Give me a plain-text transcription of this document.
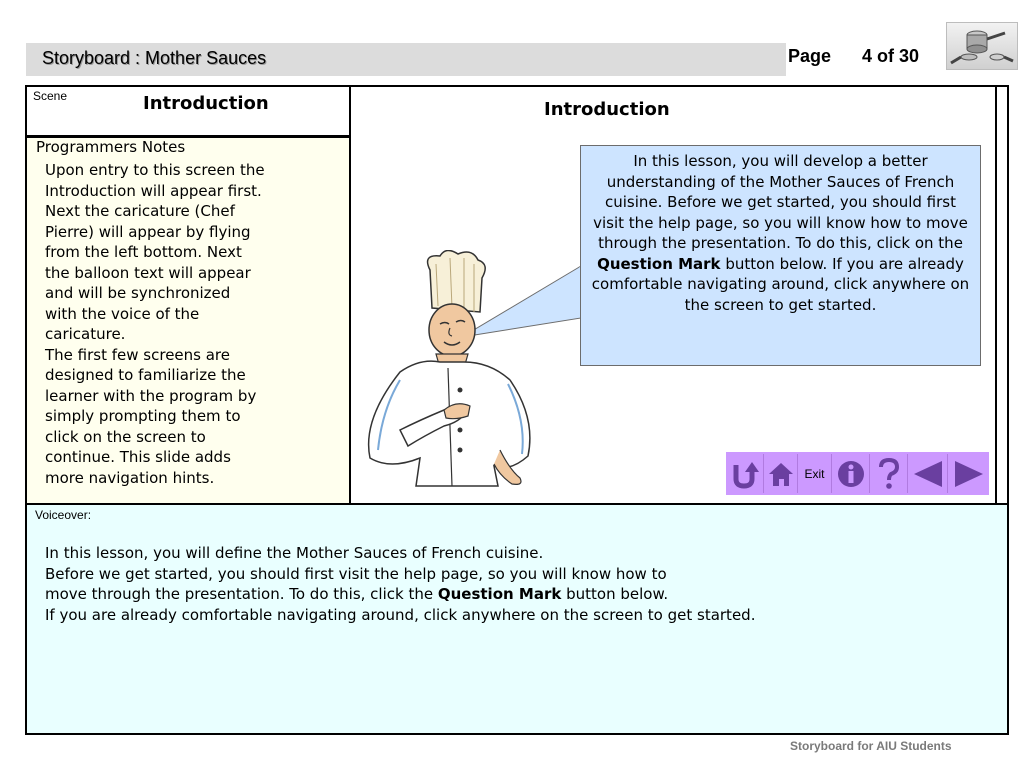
Storyboard : Mother Sauces	Page 4 of 30
Scene	Introduction
Programmers Notes
Upon entry to this screen the
Introduction will appear first.
Next the caricature (Chef
Pierre) will appear by flying
from the left bottom. Next
the balloon text will appear
and will be synchronized
with the voice of the
caricature.
The first few screens are
designed to familiarize the
learner with the program by
simply prompting them to
click on the screen to
continue. This slide adds
more navigation hints.
Introduction
In this lesson, you will develop a better understanding of the Mother Sauces of French cuisine. Before we get started, you should first visit the help page, so you will know how to move through the presentation. To do this, click on the Question Mark button below. If you are already comfortable navigating around, click anywhere on the screen to get started.
Exit
Voiceover:
In this lesson, you will define the Mother Sauces of French cuisine.
Before we get started, you should first visit the help page, so you will know how to
move through the presentation. To do this, click the Question Mark button below.
If you are already comfortable navigating around, click anywhere on the screen to get started.
Storyboard for AIU Students
